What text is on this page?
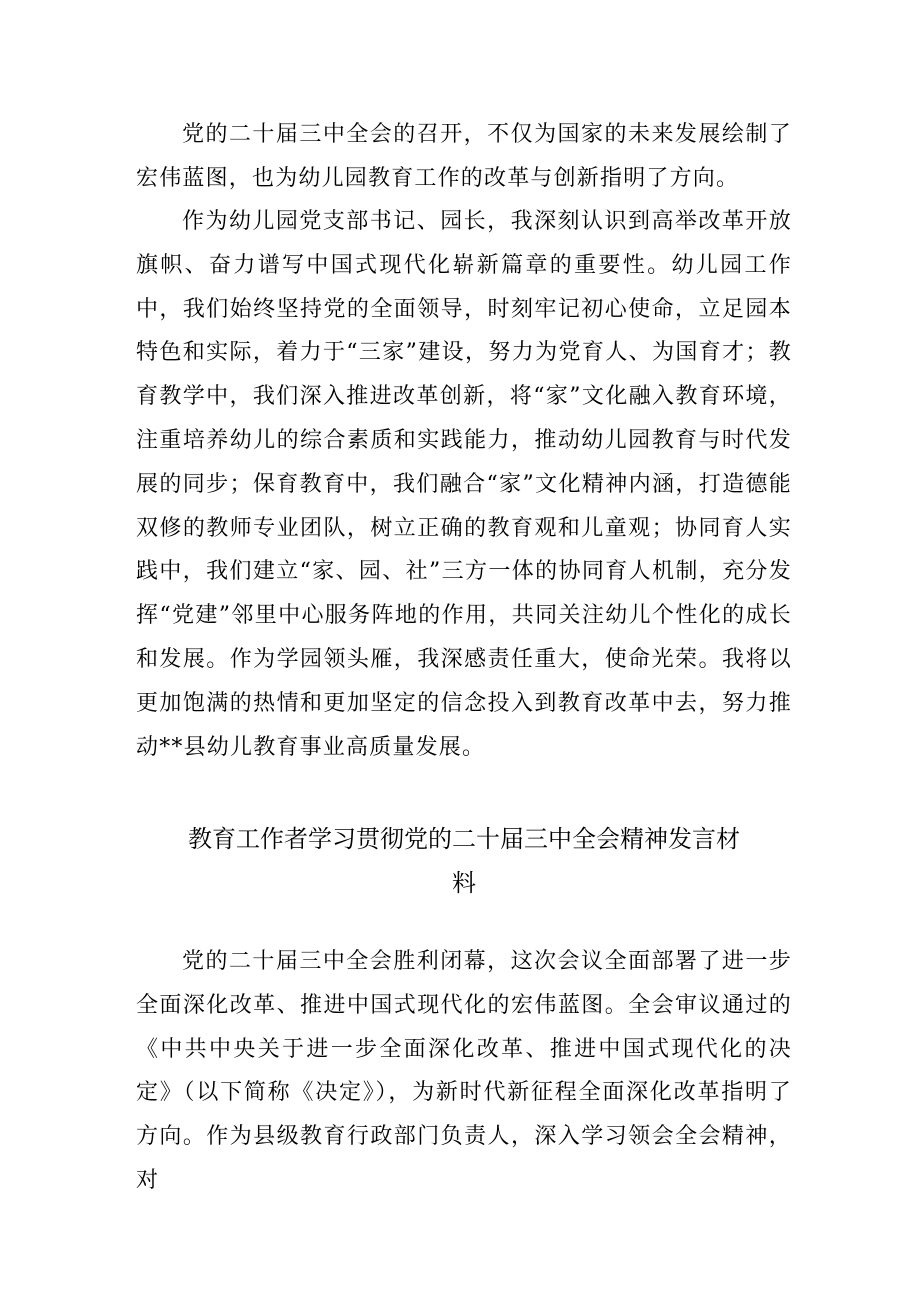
党的二十届三中全会的召开，不仅为国家的未来发展绘制了宏伟蓝图，也为幼儿园教育工作的改革与创新指明了方向。

作为幼儿园党支部书记、园长，我深刻认识到高举改革开放旗帜、奋力谱写中国式现代化崭新篇章的重要性。幼儿园工作中，我们始终坚持党的全面领导，时刻牢记初心使命，立足园本特色和实际，着力于“三家”建设，努力为党育人、为国育才；教育教学中，我们深入推进改革创新，将“家”文化融入教育环境，注重培养幼儿的综合素质和实践能力，推动幼儿园教育与时代发展的同步；保育教育中，我们融合“家”文化精神内涵，打造德能双修的教师专业团队，树立正确的教育观和儿童观；协同育人实践中，我们建立“家、园、社”三方一体的协同育人机制，充分发挥“党建”邻里中心服务阵地的作用，共同关注幼儿个性化的成长和发展。作为学园领头雁，我深感责任重大，使命光荣。我将以更加饱满的热情和更加坚定的信念投入到教育改革中去，努力推动**县幼儿教育事业高质量发展。

教育工作者学习贯彻党的二十届三中全会精神发言材
料

党的二十届三中全会胜利闭幕，这次会议全面部署了进一步全面深化改革、推进中国式现代化的宏伟蓝图。全会审议通过的《中共中央关于进一步全面深化改革、推进中国式现代化的决定》（以下简称《决定》），为新时代新征程全面深化改革指明了方向。作为县级教育行政部门负责人，深入学习领会全会精神，对
